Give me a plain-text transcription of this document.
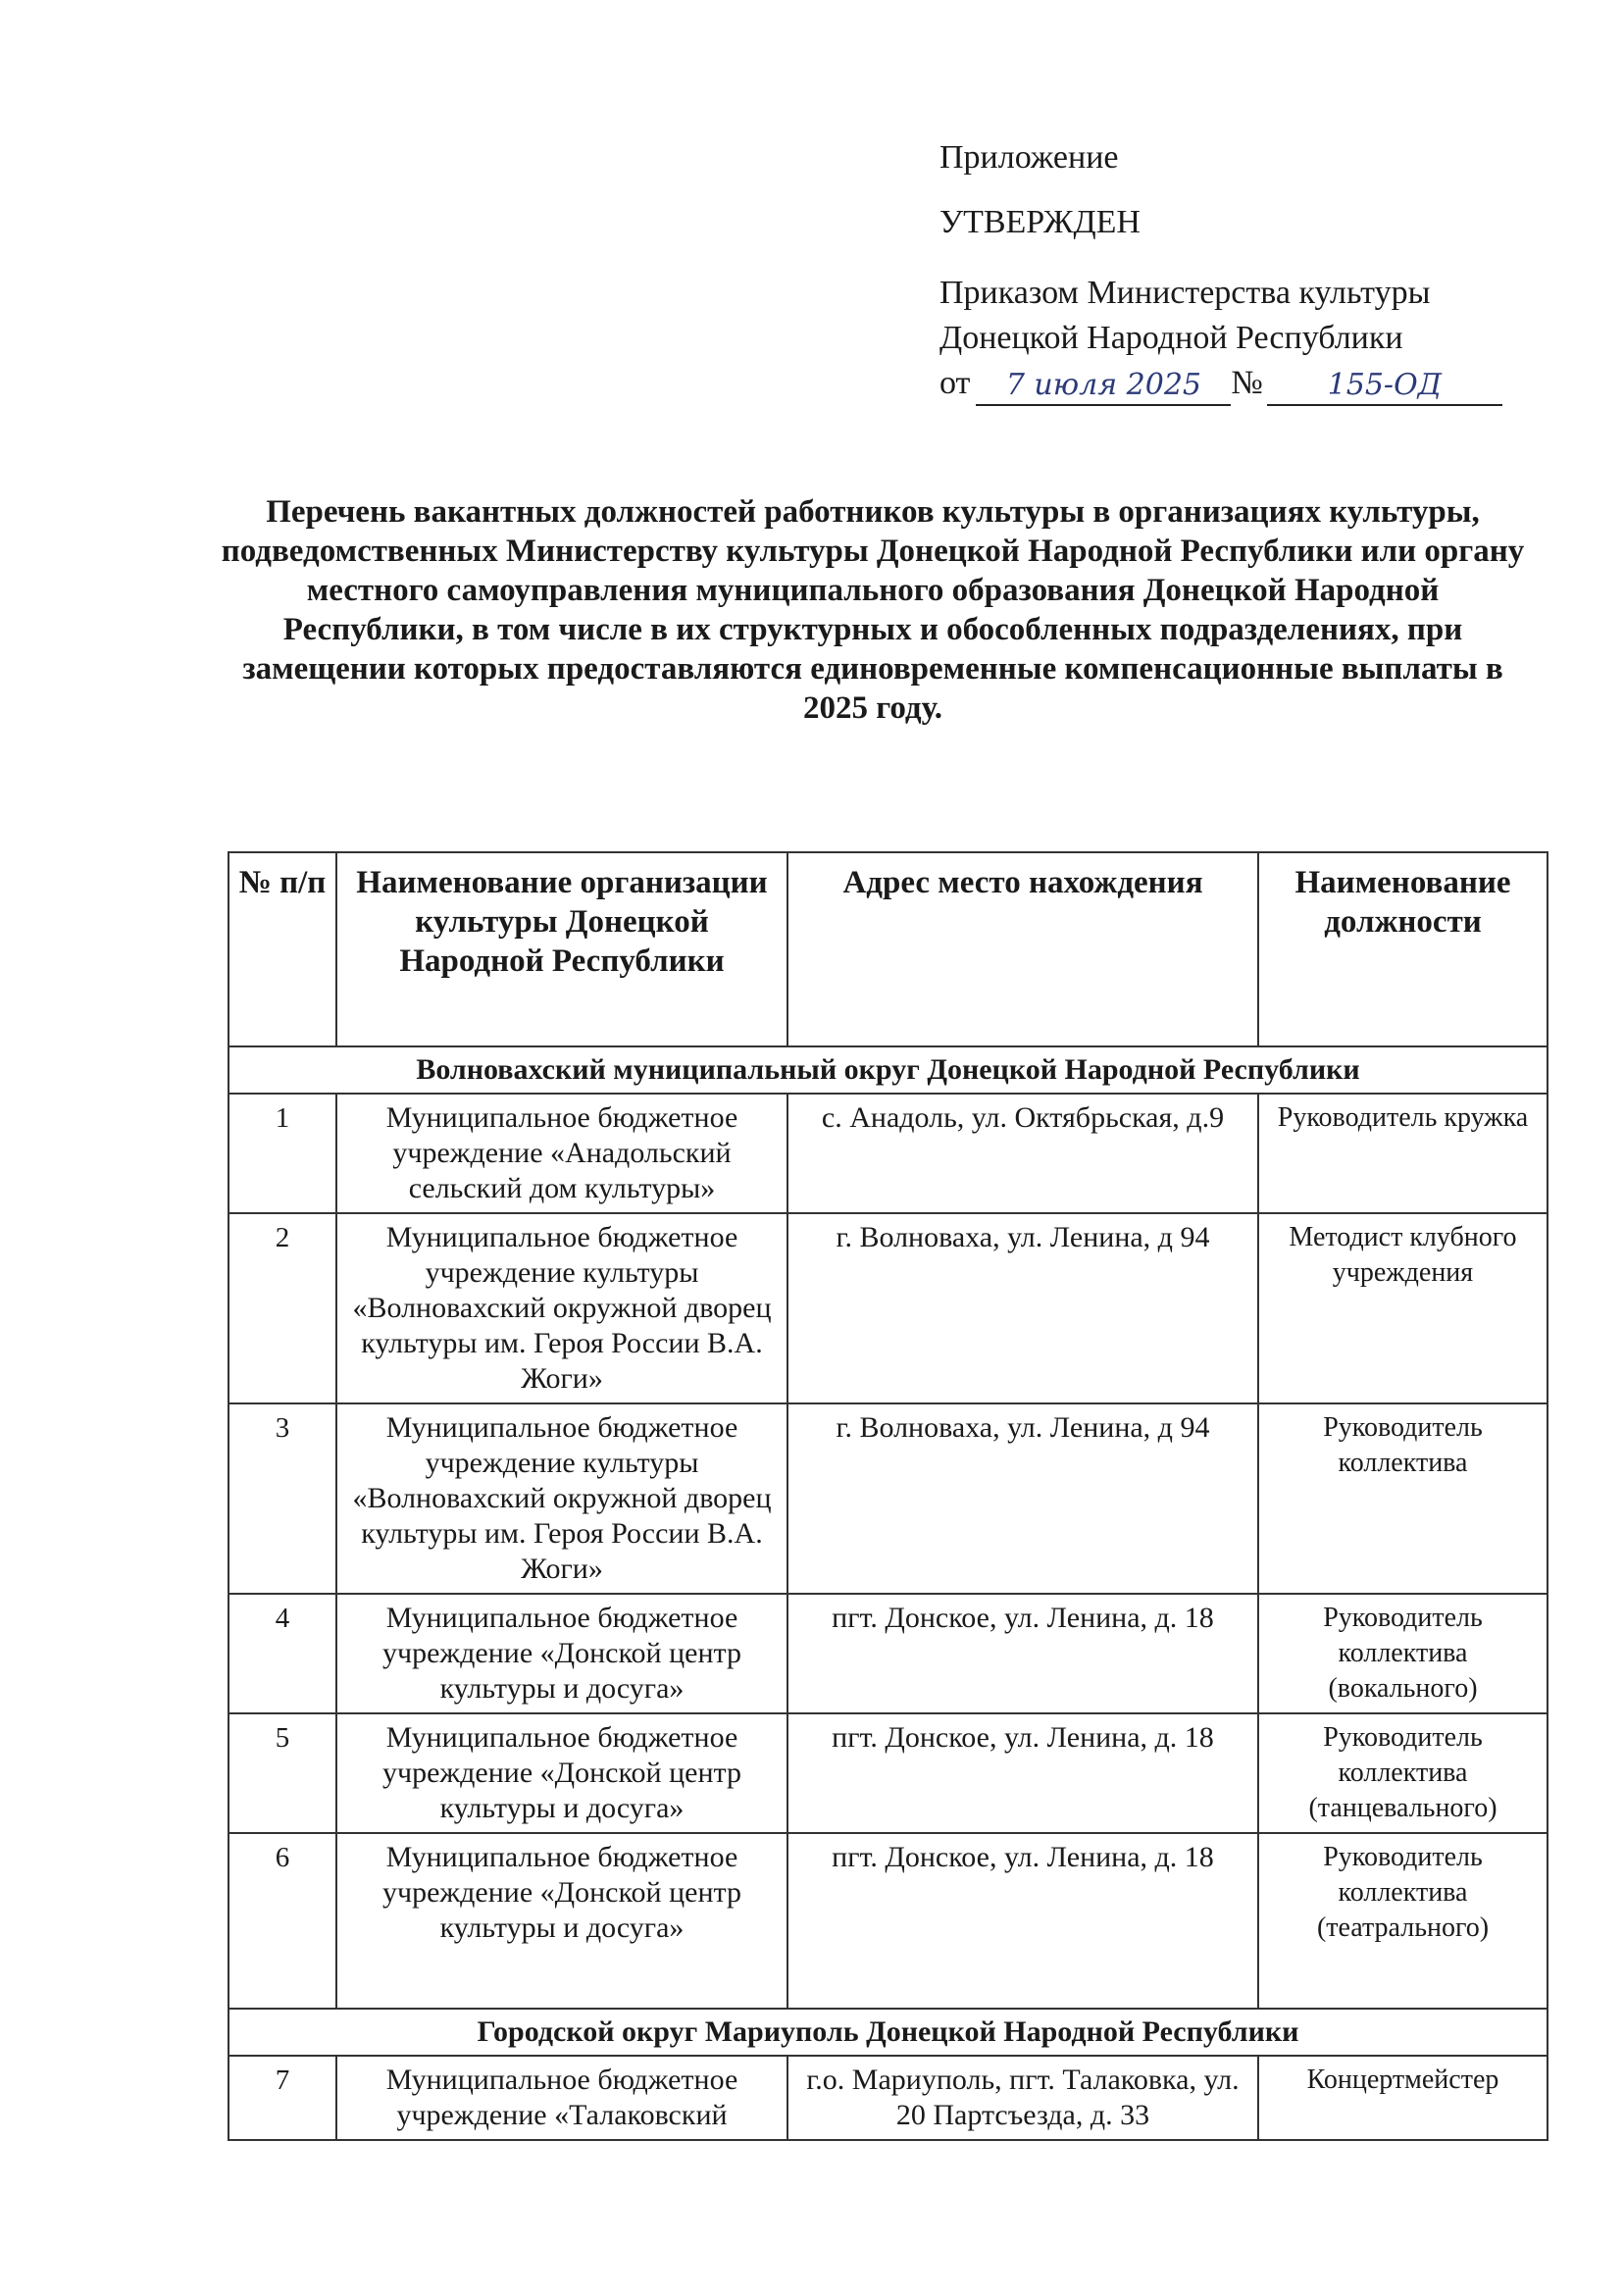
Приложение
УТВЕРЖДЕН
Приказом Министерства культуры
Донецкой Народной Республики
от	7 июля 2025 №	155-ОД

Перечень вакантных должностей работников культуры в организациях культуры, подведомственных Министерству культуры Донецкой Народной Республики или органу местного самоуправления муниципального образования Донецкой Народной Республики, в том числе в их структурных и обособленных подразделениях, при замещении которых предоставляются единовременные компенсационные выплаты в 2025 году.

№ п/п	Наименование организации культуры Донецкой Народной Республики	Адрес место нахождения	Наименование должности
Волновахский муниципальный округ Донецкой Народной Республики			
1	Муниципальное бюджетное учреждение «Анадольский сельский дом культуры»	с. Анадоль, ул. Октябрьская, д.9	Руководитель кружка
2	Муниципальное бюджетное учреждение культуры «Волновахский окружной дворец культуры им. Героя России В.А. Жоги»	г. Волноваха, ул. Ленина, д 94	Методист клубного учреждения
3	Муниципальное бюджетное учреждение культуры «Волновахский окружной дворец культуры им. Героя России В.А. Жоги»	г. Волноваха, ул. Ленина, д 94	Руководитель коллектива
4	Муниципальное бюджетное учреждение «Донской центр культуры и досуга»	пгт. Донское, ул. Ленина, д. 18	Руководитель коллектива (вокального)
5	Муниципальное бюджетное учреждение «Донской центр культуры и досуга»	пгт. Донское, ул. Ленина, д. 18	Руководитель коллектива (танцевального)
6	Муниципальное бюджетное учреждение «Донской центр культуры и досуга»	пгт. Донское, ул. Ленина, д. 18	Руководитель коллектива (театрального)
Городской округ Мариуполь Донецкой Народной Республики			
7	Муниципальное бюджетное учреждение «Талаковский	г.о. Мариуполь, пгт. Талаковка, ул. 20 Партсъезда, д. 33	Концертмейстер
